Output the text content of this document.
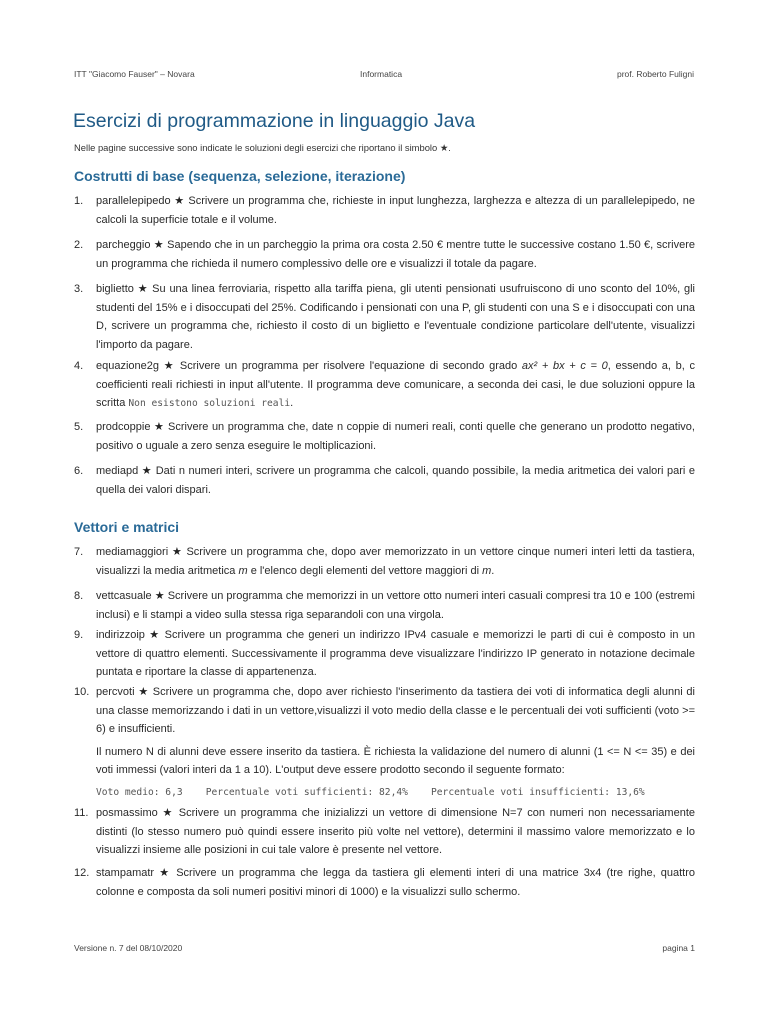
ITT "Giacomo Fauser" – Novara	Informatica	prof. Roberto Fuligni
Esercizi di programmazione in linguaggio Java
Nelle pagine successive sono indicate le soluzioni degli esercizi che riportano il simbolo ★.
Costrutti di base (sequenza, selezione, iterazione)
1.	parallelepipedo ★ Scrivere un programma che, richieste in input lunghezza, larghezza e altezza di un parallelepipedo, ne calcoli la superficie totale e il volume.
2.	parcheggio ★ Sapendo che in un parcheggio la prima ora costa 2.50 € mentre tutte le successive costano 1.50 €, scrivere un programma che richieda il numero complessivo delle ore e visualizzi il totale da pagare.
3.	biglietto ★ Su una linea ferroviaria, rispetto alla tariffa piena, gli utenti pensionati usufruiscono di uno sconto del 10%, gli studenti del 15% e i disoccupati del 25%. Codificando i pensionati con una P, gli studenti con una S e i disoccupati con una D, scrivere un programma che, richiesto il costo di un biglietto e l'eventuale condizione particolare dell'utente, visualizzi l'importo da pagare.
4.	equazione2g ★ Scrivere un programma per risolvere l'equazione di secondo grado ax² + bx + c = 0, essendo a, b, c coefficienti reali richiesti in input all'utente. Il programma deve comunicare, a seconda dei casi, le due soluzioni oppure la scritta Non esistono soluzioni reali.
5.	prodcoppie ★ Scrivere un programma che, date n coppie di numeri reali, conti quelle che generano un prodotto negativo, positivo o uguale a zero senza eseguire le moltiplicazioni.
6.	mediapd ★ Dati n numeri interi, scrivere un programma che calcoli, quando possibile, la media aritmetica dei valori pari e quella dei valori dispari.
Vettori e matrici
7.	mediamaggiori ★ Scrivere un programma che, dopo aver memorizzato in un vettore cinque numeri interi letti da tastiera, visualizzi la media aritmetica m e l'elenco degli elementi del vettore maggiori di m.
8.	vettcasuale ★ Scrivere un programma che memorizzi in un vettore otto numeri interi casuali compresi tra 10 e 100 (estremi inclusi) e li stampi a video sulla stessa riga separandoli con una virgola.
9.	indirizzoip ★ Scrivere un programma che generi un indirizzo IPv4 casuale e memorizzi le parti di cui è composto in un vettore di quattro elementi. Successivamente il programma deve visualizzare l'indirizzo IP generato in notazione decimale puntata e riportare la classe di appartenenza.
10. percvoti ★ Scrivere un programma che, dopo aver richiesto l'inserimento da tastiera dei voti di informatica degli alunni di una classe memorizzando i dati in un vettore,visualizzi il voto medio della classe e le percentuali dei voti sufficienti (voto >= 6) e insufficienti.

Il numero N di alunni deve essere inserito da tastiera. È richiesta la validazione del numero di alunni (1 <= N <= 35) e dei voti immessi (valori interi da 1 a 10). L'output deve essere prodotto secondo il seguente formato:

Voto medio: 6,3    Percentuale voti sufficienti: 82,4%    Percentuale voti insufficienti: 13,6%

11. posmassimo ★ Scrivere un programma che inizializzi un vettore di dimensione N=7 con numeri non necessariamente distinti (lo stesso numero può quindi essere inserito più volte nel vettore), determini il massimo valore memorizzato e lo visualizzi insieme alle posizioni in cui tale valore è presente nel vettore.
12. stampamatr ★ Scrivere un programma che legga da tastiera gli elementi interi di una matrice 3x4 (tre righe, quattro colonne e composta da soli numeri positivi minori di 1000) e la visualizzi sullo schermo.
Versione n. 7 del 08/10/2020	pagina 1
